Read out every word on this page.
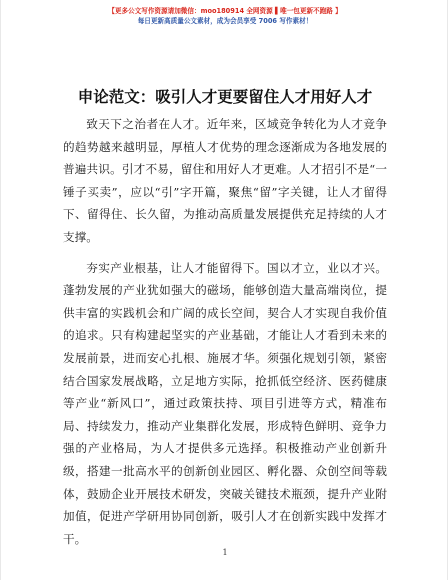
【更多公文写作资源请加微信：moo180914 全网资源 ▌唯一包更新不跑路 】
每日更新高质量公文素材，成为会员享受 7006 写作素材！
申论范文：吸引人才更要留住人才用好人才

致天下之治者在人才。近年来，区域竞争转化为人才竞争的趋势越来越明显，厚植人才优势的理念逐渐成为各地发展的普遍共识。引才不易，留住和用好人才更难。人才招引不是“一锤子买卖”，应以“引”字开篇，聚焦“留”字关键，让人才留得下、留得住、长久留，为推动高质量发展提供充足持续的人才支撑。

夯实产业根基，让人才能留得下。国以才立，业以才兴。蓬勃发展的产业犹如强大的磁场，能够创造大量高端岗位，提供丰富的实践机会和广阔的成长空间，契合人才实现自我价值的追求。只有构建起坚实的产业基础，才能让人才看到未来的发展前景，进而安心扎根、施展才华。须强化规划引领，紧密结合国家发展战略，立足地方实际，抢抓低空经济、医药健康等产业“新风口”，通过政策扶持、项目引进等方式，精准布局、持续发力，推动产业集群化发展，形成特色鲜明、竞争力强的产业格局，为人才提供多元选择。积极推动产业创新升级，搭建一批高水平的创新创业园区、孵化器、众创空间等载体，鼓励企业开展技术研发，突破关键技术瓶颈，提升产业附加值，促进产学研用协同创新，吸引人才在创新实践中发挥才干。

1
